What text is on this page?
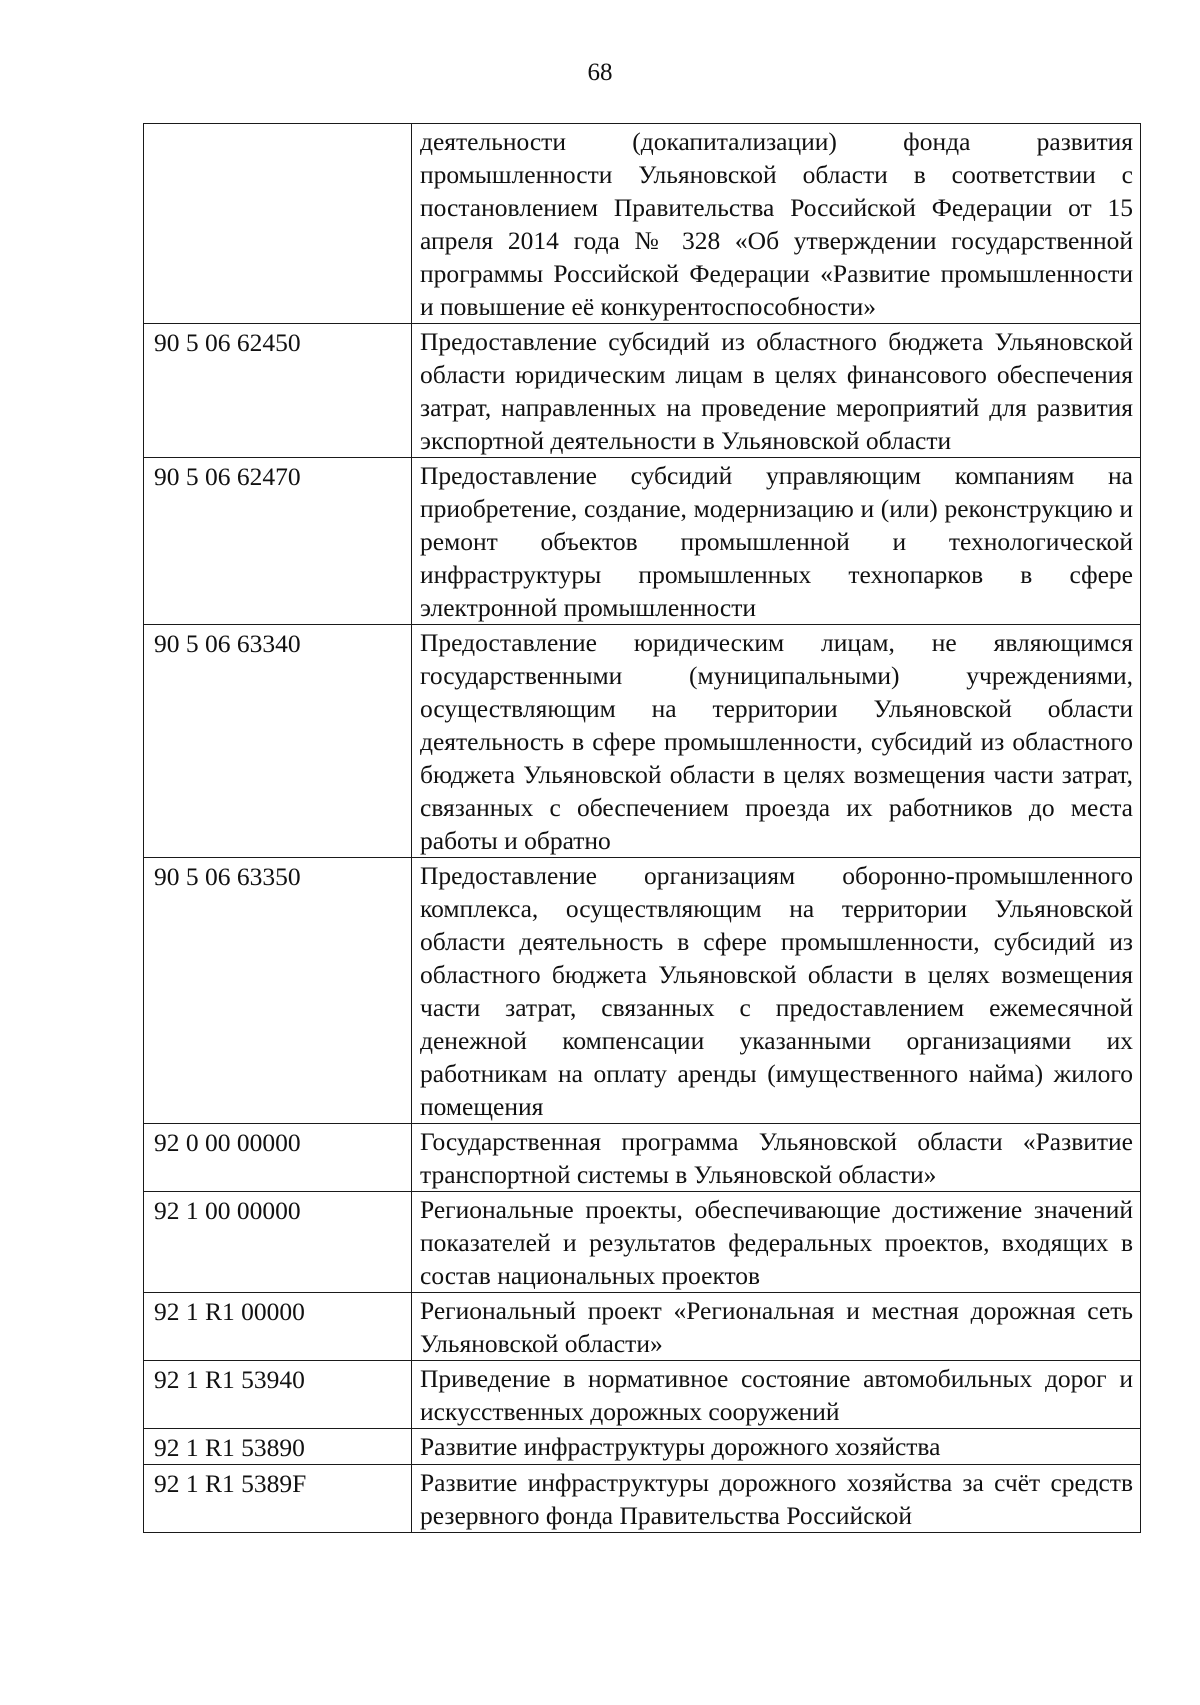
68

	деятельности (докапитализации) фонда развития промышленности Ульяновской области в соответствии с постановлением Правительства Российской Федерации от 15 апреля 2014 года № 328 «Об утверждении государственной программы Российской Федерации «Развитие промышленности и повышение её конкурентоспособности»

90 5 06 62450	Предоставление субсидий из областного бюджета Ульяновской области юридическим лицам в целях финансового обеспечения затрат, направленных на проведение мероприятий для развития экспортной деятельности в Ульяновской области

90 5 06 62470	Предоставление субсидий управляющим компаниям на приобретение, создание, модернизацию и (или) реконструкцию и ремонт объектов промышленной и технологической инфраструктуры промышленных технопарков в сфере электронной промышленности

90 5 06 63340	Предоставление юридическим лицам, не являющимся государственными (муниципальными) учреждениями, осуществляющим на территории Ульяновской области деятельность в сфере промышленности, субсидий из областного бюджета Ульяновской области в целях возмещения части затрат, связанных с обеспечением проезда их работников до места работы и обратно

90 5 06 63350	Предоставление организациям оборонно-промышленного комплекса, осуществляющим на территории Ульяновской области деятельность в сфере промышленности, субсидий из областного бюджета Ульяновской области в целях возмещения части затрат, связанных с предоставлением ежемесячной денежной компенсации указанными организациями их работникам на оплату аренды (имущественного найма) жилого помещения

92 0 00 00000	Государственная программа Ульяновской области «Развитие транспортной системы в Ульяновской области»

92 1 00 00000	Региональные проекты, обеспечивающие достижение значений показателей и результатов федеральных проектов, входящих в состав национальных проектов

92 1 R1 00000	Региональный проект «Региональная и местная дорожная сеть Ульяновской области»

92 1 R1 53940	Приведение в нормативное состояние автомобильных дорог и искусственных дорожных сооружений

92 1 R1 53890	Развитие инфраструктуры дорожного хозяйства

92 1 R1 5389F	Развитие инфраструктуры дорожного хозяйства за счёт средств резервного фонда Правительства Российской
